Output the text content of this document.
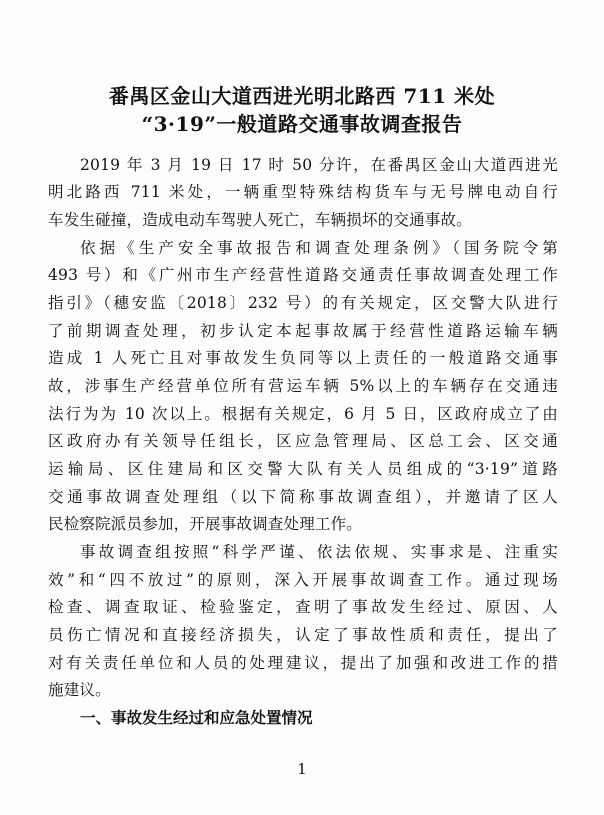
番禺区金山大道西进光明北路西 711 米处
“3·19”一般道路交通事故调查报告
2019 年 3 月 19 日 17 时 50 分许，在番禺区金山大道西进光
明北路西 711 米处，一辆重型特殊结构货车与无号牌电动自行
车发生碰撞，造成电动车驾驶人死亡，车辆损坏的交通事故。
依据《生产安全事故报告和调查处理条例》（国务院令第
493 号）和《广州市生产经营性道路交通责任事故调查处理工作
指引》（穗安监〔2018〕232 号）的有关规定，区交警大队进行
了前期调查处理，初步认定本起事故属于经营性道路运输车辆
造成 1 人死亡且对事故发生负同等以上责任的一般道路交通事
故，涉事生产经营单位所有营运车辆 5%以上的车辆存在交通违
法行为为 10 次以上。根据有关规定，6 月 5 日，区政府成立了由
区政府办有关领导任组长，区应急管理局、区总工会、区交通
运输局、区住建局和区交警大队有关人员组成的“3·19”道路
交通事故调查处理组（以下简称事故调查组），并邀请了区人
民检察院派员参加，开展事故调查处理工作。
事故调查组按照“科学严谨、依法依规、实事求是、注重实
效”和“四不放过”的原则，深入开展事故调查工作。通过现场
检查、调查取证、检验鉴定，查明了事故发生经过、原因、人
员伤亡情况和直接经济损失，认定了事故性质和责任，提出了
对有关责任单位和人员的处理建议，提出了加强和改进工作的措
施建议。
一、事故发生经过和应急处置情况
1
